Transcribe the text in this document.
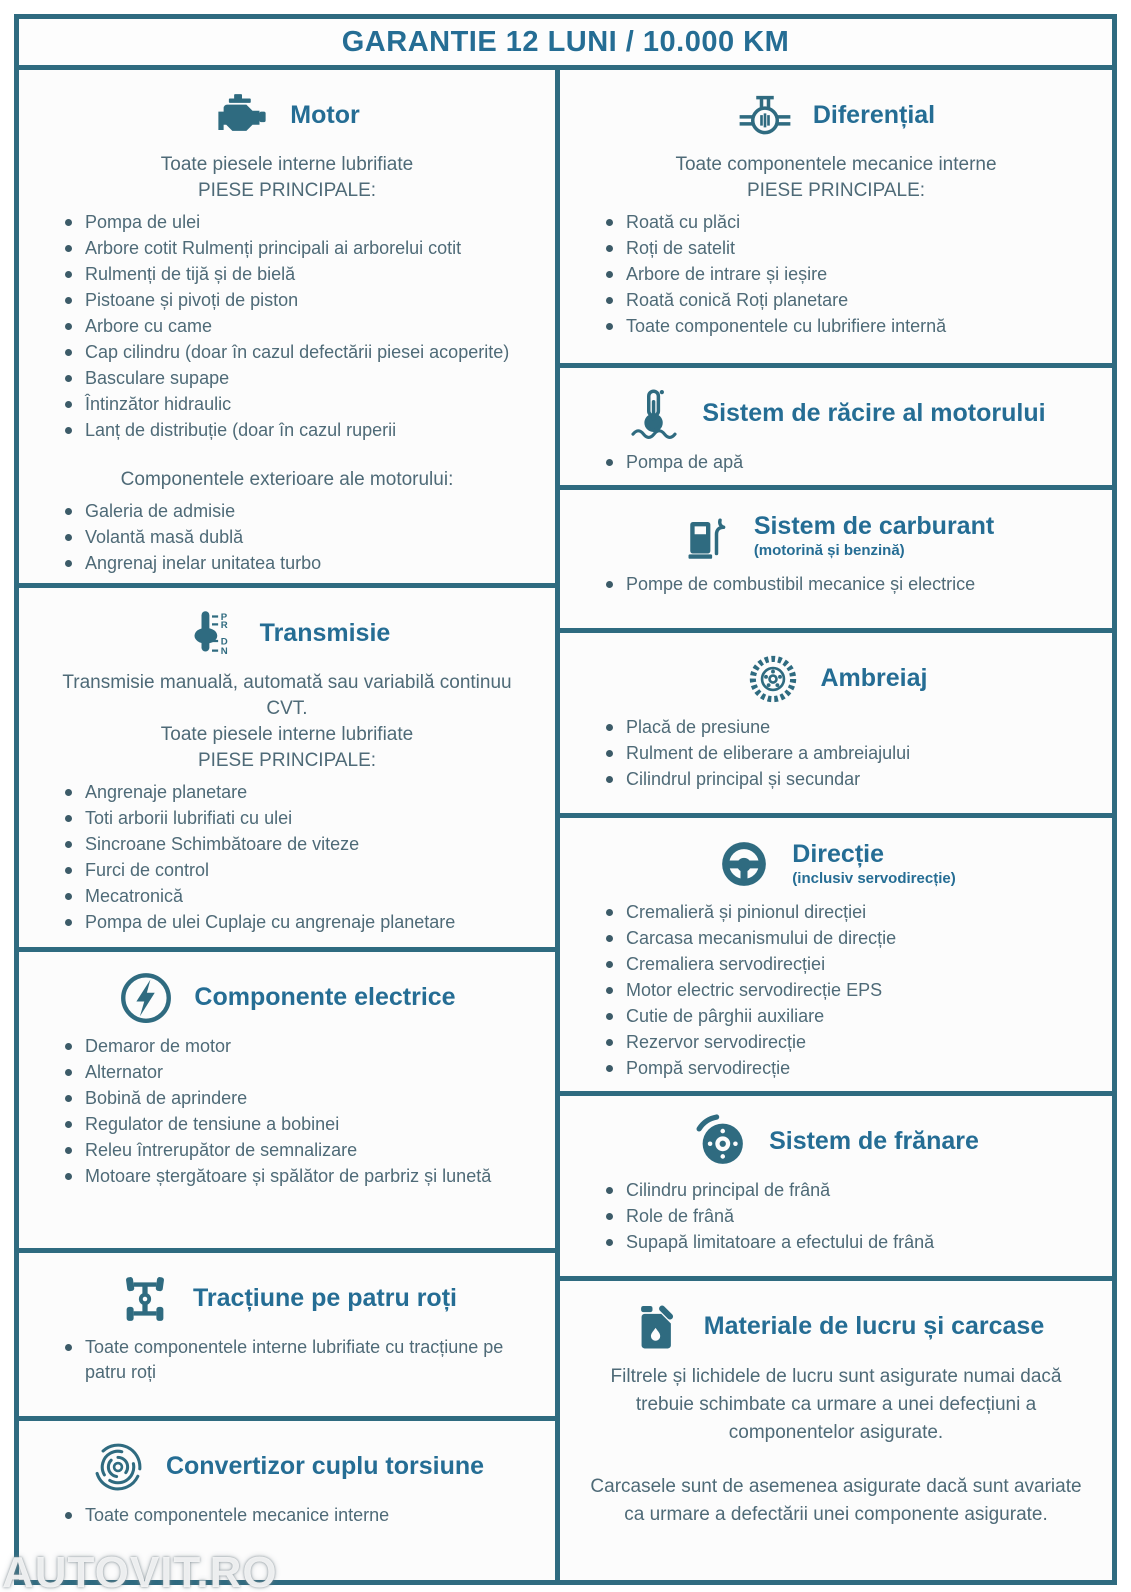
GARANTIE 12 LUNI / 10.000 KM
Motor

Toate piesele interne lubrifiate

PIESE PRINCIPALE:

Pompa de ulei
Arbore cotit Rulmenți principali ai arborelui cotit
Rulmenți de tijă și de bielă
Pistoane și pivoți de piston
Arbore cu came
Cap cilindru (doar în cazul defectării piesei acoperite)
Basculare supape
Întinzător hidraulic
Lanț de distribuție (doar în cazul ruperii

Componentele exterioare ale motorului:

Galeria de admisie
Volantă masă dublă
Angrenaj inelar unitatea turbo
P
R
D
N
Transmisie

Transmisie manuală, automată sau variabilă continuu CVT.

Toate piesele interne lubrifiate

PIESE PRINCIPALE:

Angrenaje planetare
Toti arborii lubrifiati cu ulei
Sincroane Schimbătoare de viteze
Furci de control
Mecatronică
Pompa de ulei Cuplaje cu angrenaje planetare
Componente electrice
Demaror de motor
Alternator
Bobină de aprindere
Regulator de tensiune a bobinei
Releu întrerupător de semnalizare
Motoare ștergătoare și spălător de parbriz și lunetă
Tracțiune pe patru roți
Toate componentele interne lubrifiate cu tracțiune pe patru roți
Convertizor cuplu torsiune
Toate componentele mecanice interne
Diferențial

Toate componentele mecanice interne

PIESE PRINCIPALE:

Roată cu plăci
Roți de satelit
Arbore de intrare și ieșire
Roată conică Roți planetare
Toate componentele cu lubrifiere internă
Sistem de răcire al motorului
Pompa de apă
Sistem de carburant
(motorină și benzină)
Pompe de combustibil mecanice și electrice
Ambreiaj
Placă de presiune
Rulment de eliberare a ambreiajului
Cilindrul principal și secundar
Direcție
(inclusiv servodirecție)
Cremalieră și pinionul direcției
Carcasa mecanismului de direcție
Cremaliera servodirecției
Motor electric servodirecție EPS
Cutie de pârghii auxiliare
Rezervor servodirecție
Pompă servodirecție
Sistem de frănare
Cilindru principal de frână
Role de frână
Supapă limitatoare a efectului de frână
Materiale de lucru și carcase

Filtrele și lichidele de lucru sunt asigurate numai dacă trebuie schimbate ca urmare a unei defecțiuni a componentelor asigurate.

Carcasele sunt de asemenea asigurate dacă sunt avariate ca urmare a defectării unei componente asigurate.

AUTOVIT.RO
